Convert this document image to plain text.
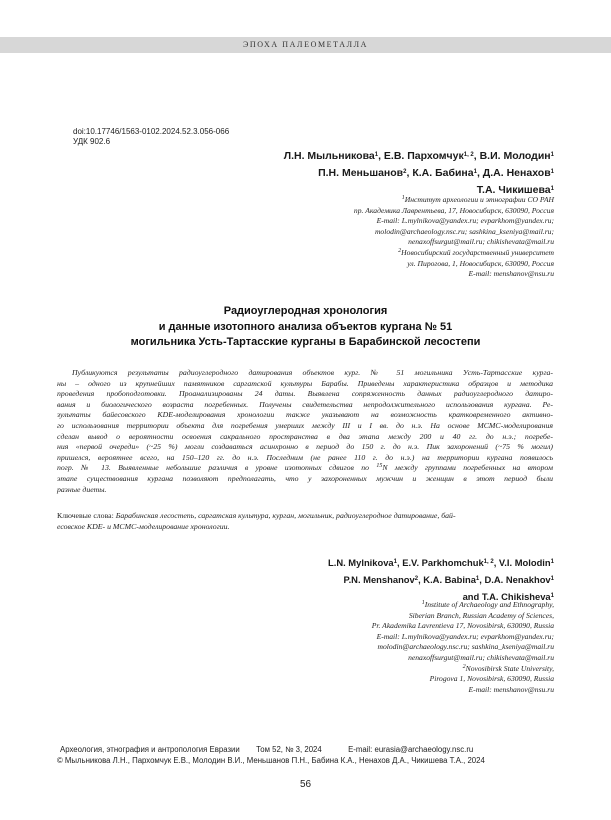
ЭПОХА ПАЛЕОМЕТАЛЛА
doi:10.17746/1563-0102.2024.52.3.056-066
УДК 902.6
Л.Н. Мыльникова$^1$, Е.В. Пархомчук$^{1, 2}$, В.И. Молодин$^1$
П.Н. Меньшанов$^2$, К.А. Бабина$^1$, Д.А. Ненахов$^1$
Т.А. Чикишева$^1$
$^1$Институт археологии и этнографии СО РАН
пр. Академика Лаврентьева, 17, Новосибирск, 630090, Россия
E-mail: L.mylnikova@yandex.ru; evparkhom@yandex.ru;
molodin@archaeology.nsc.ru; sashkina_kseniya@mail.ru;
nenaxoffsurgut@mail.ru; chikishevata@mail.ru
$^2$Новосибирский государственный университет
ул. Пирогова, 1, Новосибирск, 630090, Россия
E-mail: menshanov@nsu.ru
Радиоуглеродная хронология
и данные изотопного анализа объектов кургана № 51
могильника Усть-Тартасские курганы в Барабинской лесостепи
Публикуются результаты радиоуглеродного датирования объектов кург. № 51 могильника Усть-Тартасские курга-
ны – одного из крупнейших памятников саргатской культуры Барабы. Приведены характеристика образцов и методика
проведения пробоподготовки. Проанализированы 24 даты. Выявлена сопряженность данных радиоуглеродного датиро-
вания и биологического возраста погребенных. Получены свидетельства непродолжительного использования кургана. Ре-
зультаты байесовского KDE-моделирования хронологии также указывают на возможность кратковременного активно-
го использования территории объекта для погребения умерших между III и I вв. до н.э. На основе MCMC-моделирования
сделан вывод о вероятности освоения сакрального пространства в два этапа между 200 и 40 гг. до н.э.; погребе-
ния «первой очереди» (~25 %) могли создаваться асинхронно в период до 150 г. до н.э. Пик захоронений (~75 % могил)
пришелся, вероятнее всего, на 150–120 гг. до н.э. Последним (не ранее 110 г. до н.э.) на территории кургана появилось
погр. № 13. Выявленные небольшие различия в уровне изотопных сдвигов по $^{15}$N между группами погребенных на втором
этапе существования кургана позволяют предполагать, что у захороненных мужчин и женщин в этот период были
разные диеты.
Ключевые слова: Барабинская лесостепь, саргатская культура, курган, могильник, радиоуглеродное датирование, бай-
есовское KDE- и MCMC-моделирование хронологии.
L.N. Mylnikova$^1$, E.V. Parkhomchuk$^{1, 2}$, V.I. Molodin$^1$
P.N. Menshanov$^2$, K.A. Babina$^1$, D.A. Nenakhov$^1$
and T.A. Chikisheva$^1$
$^1$Institute of Archaeology and Ethnography,
Siberian Branch, Russian Academy of Sciences,
Pr. Akademika Lavrentieva 17, Novosibirsk, 630090, Russia
E-mail: L.mylnikova@yandex.ru; evparkhom@yandex.ru;
molodin@archaeology.nsc.ru; sashkina_kseniya@mail.ru
nenaxoffsurgut@mail.ru; chikishevata@mail.ru
$^2$Novosibirsk State University,
Pirogova 1, Novosibirsk, 630090, Russia
E-mail: menshanov@nsu.ru
Археология, этнография и антропология Евразии Том 52, № 3, 2024	E-mail: eurasia@archaeology.nsc.ru
© Мыльникова Л.Н., Пархомчук Е.В., Молодин В.И., Меньшанов П.Н., Бабина К.А., Ненахов Д.А., Чикишева Т.А., 2024
56
